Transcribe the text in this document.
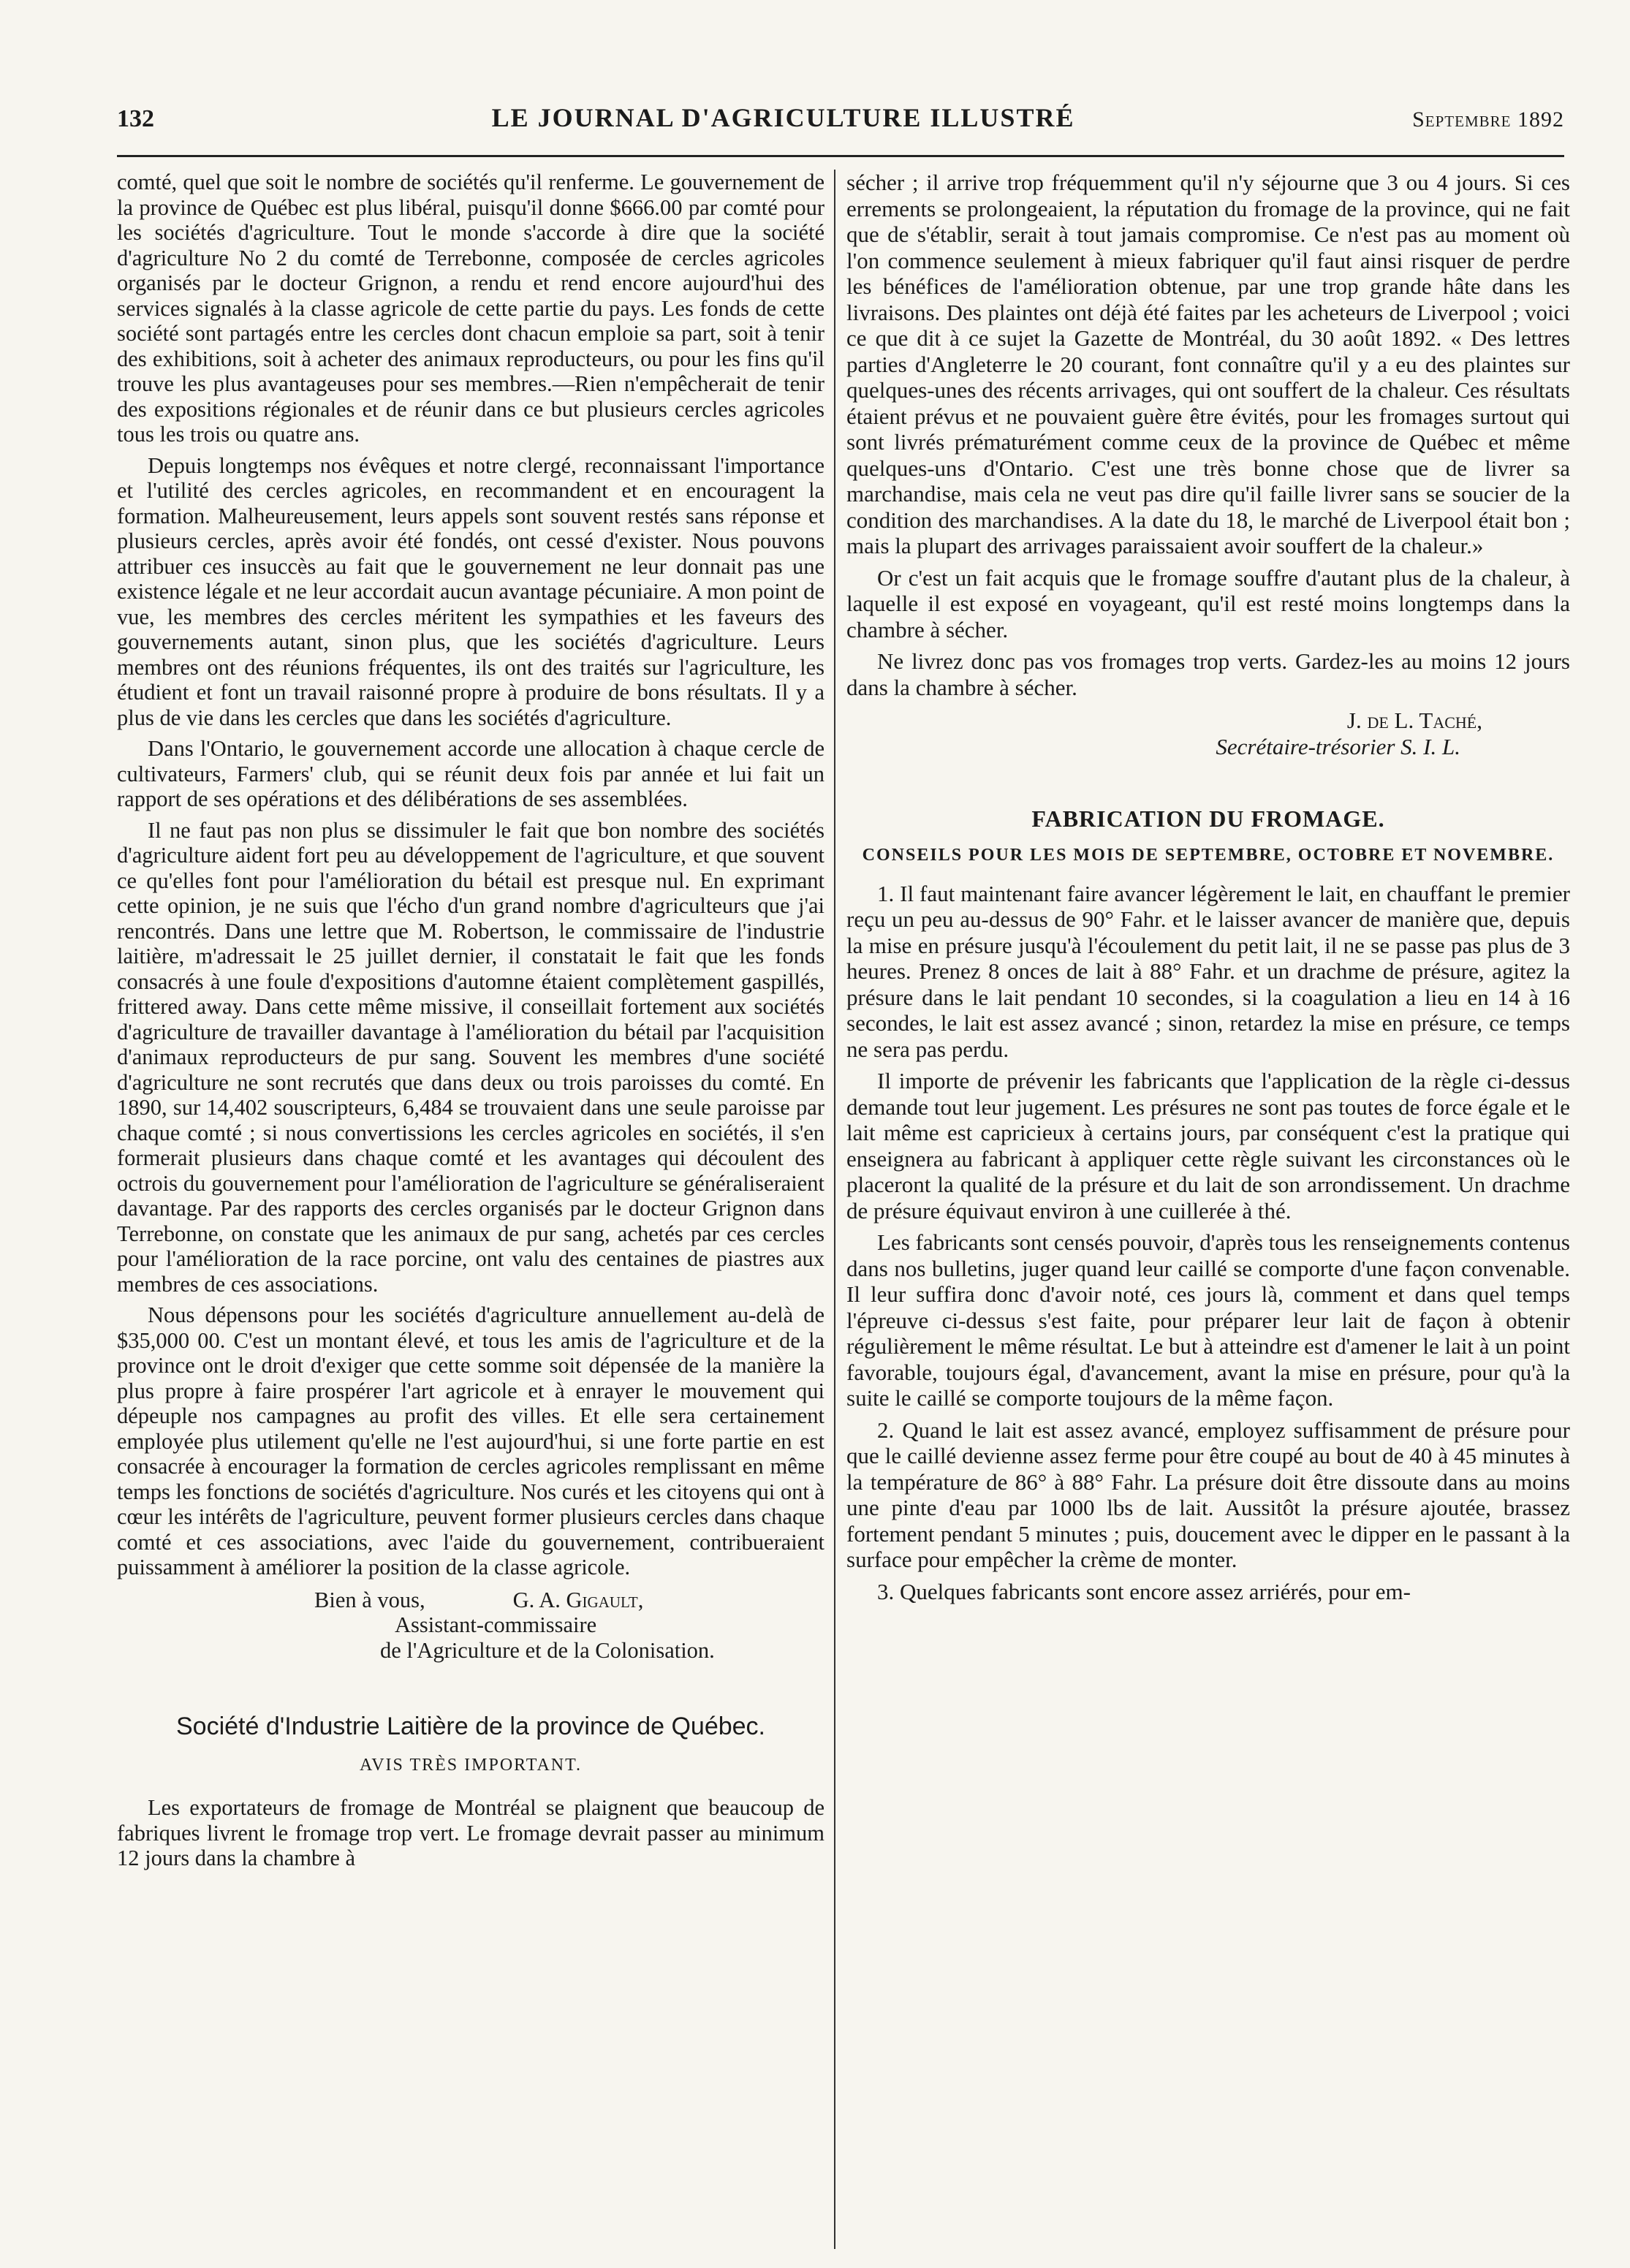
132	LE JOURNAL D'AGRICULTURE ILLUSTRÉ	Septembre 1892

comté, quel que soit le nombre de sociétés qu'il renferme. Le gouvernement de la province de Québec est plus libéral, puisqu'il donne $666.00 par comté pour les sociétés d'agriculture. Tout le monde s'accorde à dire que la société d'agriculture No 2 du comté de Terrebonne, composée de cercles agricoles organisés par le docteur Grignon, a rendu et rend encore aujourd'hui des services signalés à la classe agricole de cette partie du pays. Les fonds de cette société sont partagés entre les cercles dont chacun emploie sa part, soit à tenir des exhibitions, soit à acheter des animaux reproducteurs, ou pour les fins qu'il trouve les plus avantageuses pour ses membres.—Rien n'empêcherait de tenir des expositions régionales et de réunir dans ce but plusieurs cercles agricoles tous les trois ou quatre ans.

Depuis longtemps nos évêques et notre clergé, reconnaissant l'importance et l'utilité des cercles agricoles, en recommandent et en encouragent la formation. Malheureusement, leurs appels sont souvent restés sans réponse et plusieurs cercles, après avoir été fondés, ont cessé d'exister. Nous pouvons attribuer ces insuccès au fait que le gouvernement ne leur donnait pas une existence légale et ne leur accordait aucun avantage pécuniaire. A mon point de vue, les membres des cercles méritent les sympathies et les faveurs des gouvernements autant, sinon plus, que les sociétés d'agriculture. Leurs membres ont des réunions fréquentes, ils ont des traités sur l'agriculture, les étudient et font un travail raisonné propre à produire de bons résultats. Il y a plus de vie dans les cercles que dans les sociétés d'agriculture.

Dans l'Ontario, le gouvernement accorde une allocation à chaque cercle de cultivateurs, Farmers' club, qui se réunit deux fois par année et lui fait un rapport de ses opérations et des délibérations de ses assemblées.

Il ne faut pas non plus se dissimuler le fait que bon nombre des sociétés d'agriculture aident fort peu au développement de l'agriculture, et que souvent ce qu'elles font pour l'amélioration du bétail est presque nul. En exprimant cette opinion, je ne suis que l'écho d'un grand nombre d'agriculteurs que j'ai rencontrés. Dans une lettre que M. Robertson, le commissaire de l'industrie laitière, m'adressait le 25 juillet dernier, il constatait le fait que les fonds consacrés à une foule d'expositions d'automne étaient complètement gaspillés, frittered away. Dans cette même missive, il conseillait fortement aux sociétés d'agriculture de travailler davantage à l'amélioration du bétail par l'acquisition d'animaux reproducteurs de pur sang. Souvent les membres d'une société d'agriculture ne sont recrutés que dans deux ou trois paroisses du comté. En 1890, sur 14,402 souscripteurs, 6,484 se trouvaient dans une seule paroisse par chaque comté ; si nous convertissions les cercles agricoles en sociétés, il s'en formerait plusieurs dans chaque comté et les avantages qui découlent des octrois du gouvernement pour l'amélioration de l'agriculture se généraliseraient davantage. Par des rapports des cercles organisés par le docteur Grignon dans Terrebonne, on constate que les animaux de pur sang, achetés par ces cercles pour l'amélioration de la race porcine, ont valu des centaines de piastres aux membres de ces associations.

Nous dépensons pour les sociétés d'agriculture annuellement au-delà de $35,000 00. C'est un montant élevé, et tous les amis de l'agriculture et de la province ont le droit d'exiger que cette somme soit dépensée de la manière la plus propre à faire prospérer l'art agricole et à enrayer le mouvement qui dépeuple nos campagnes au profit des villes. Et elle sera certainement employée plus utilement qu'elle ne l'est aujourd'hui, si une forte partie en est consacrée à encourager la formation de cercles agricoles remplissant en même temps les fonctions de sociétés d'agriculture. Nos curés et les citoyens qui ont à cœur les intérêts de l'agriculture, peuvent former plusieurs cercles dans chaque comté et ces associations, avec l'aide du gouvernement, contribueraient puissamment à améliorer la position de la classe agricole.

Bien à vous,	G. A. Gigault,
Assistant-commissaire
de l'Agriculture et de la Colonisation.
Société d'Industrie Laitière de la province de Québec.
AVIS TRÈS IMPORTANT.

Les exportateurs de fromage de Montréal se plaignent que beaucoup de fabriques livrent le fromage trop vert. Le fromage devrait passer au minimum 12 jours dans la chambre à

sécher ; il arrive trop fréquemment qu'il n'y séjourne que 3 ou 4 jours. Si ces errements se prolongeaient, la réputation du fromage de la province, qui ne fait que de s'établir, serait à tout jamais compromise. Ce n'est pas au moment où l'on commence seulement à mieux fabriquer qu'il faut ainsi risquer de perdre les bénéfices de l'amélioration obtenue, par une trop grande hâte dans les livraisons. Des plaintes ont déjà été faites par les acheteurs de Liverpool ; voici ce que dit à ce sujet la Gazette de Montréal, du 30 août 1892. « Des lettres parties d'Angleterre le 20 courant, font connaître qu'il y a eu des plaintes sur quelques-unes des récents arrivages, qui ont souffert de la chaleur. Ces résultats étaient prévus et ne pouvaient guère être évités, pour les fromages surtout qui sont livrés prématurément comme ceux de la province de Québec et même quelques-uns d'Ontario. C'est une très bonne chose que de livrer sa marchandise, mais cela ne veut pas dire qu'il faille livrer sans se soucier de la condition des marchandises. A la date du 18, le marché de Liverpool était bon ; mais la plupart des arrivages paraissaient avoir souffert de la chaleur.»

Or c'est un fait acquis que le fromage souffre d'autant plus de la chaleur, à laquelle il est exposé en voyageant, qu'il est resté moins longtemps dans la chambre à sécher.

Ne livrez donc pas vos fromages trop verts. Gardez-les au moins 12 jours dans la chambre à sécher.

J. de L. Taché,
Secrétaire-trésorier S. I. L.
FABRICATION DU FROMAGE.
CONSEILS POUR LES MOIS DE SEPTEMBRE, OCTOBRE ET NOVEMBRE.

1. Il faut maintenant faire avancer légèrement le lait, en chauffant le premier reçu un peu au-dessus de 90° Fahr. et le laisser avancer de manière que, depuis la mise en présure jusqu'à l'écoulement du petit lait, il ne se passe pas plus de 3 heures. Prenez 8 onces de lait à 88° Fahr. et un drachme de présure, agitez la présure dans le lait pendant 10 secondes, si la coagulation a lieu en 14 à 16 secondes, le lait est assez avancé ; sinon, retardez la mise en présure, ce temps ne sera pas perdu.

Il importe de prévenir les fabricants que l'application de la règle ci-dessus demande tout leur jugement. Les présures ne sont pas toutes de force égale et le lait même est capricieux à certains jours, par conséquent c'est la pratique qui enseignera au fabricant à appliquer cette règle suivant les circonstances où le placeront la qualité de la présure et du lait de son arrondissement. Un drachme de présure équivaut environ à une cuillerée à thé.

Les fabricants sont censés pouvoir, d'après tous les renseignements contenus dans nos bulletins, juger quand leur caillé se comporte d'une façon convenable. Il leur suffira donc d'avoir noté, ces jours là, comment et dans quel temps l'épreuve ci-dessus s'est faite, pour préparer leur lait de façon à obtenir régulièrement le même résultat. Le but à atteindre est d'amener le lait à un point favorable, toujours égal, d'avancement, avant la mise en présure, pour qu'à la suite le caillé se comporte toujours de la même façon.

2. Quand le lait est assez avancé, employez suffisamment de présure pour que le caillé devienne assez ferme pour être coupé au bout de 40 à 45 minutes à la température de 86° à 88° Fahr. La présure doit être dissoute dans au moins une pinte d'eau par 1000 lbs de lait. Aussitôt la présure ajoutée, brassez fortement pendant 5 minutes ; puis, doucement avec le dipper en le passant à la surface pour empêcher la crème de monter.

3. Quelques fabricants sont encore assez arriérés, pour em-
